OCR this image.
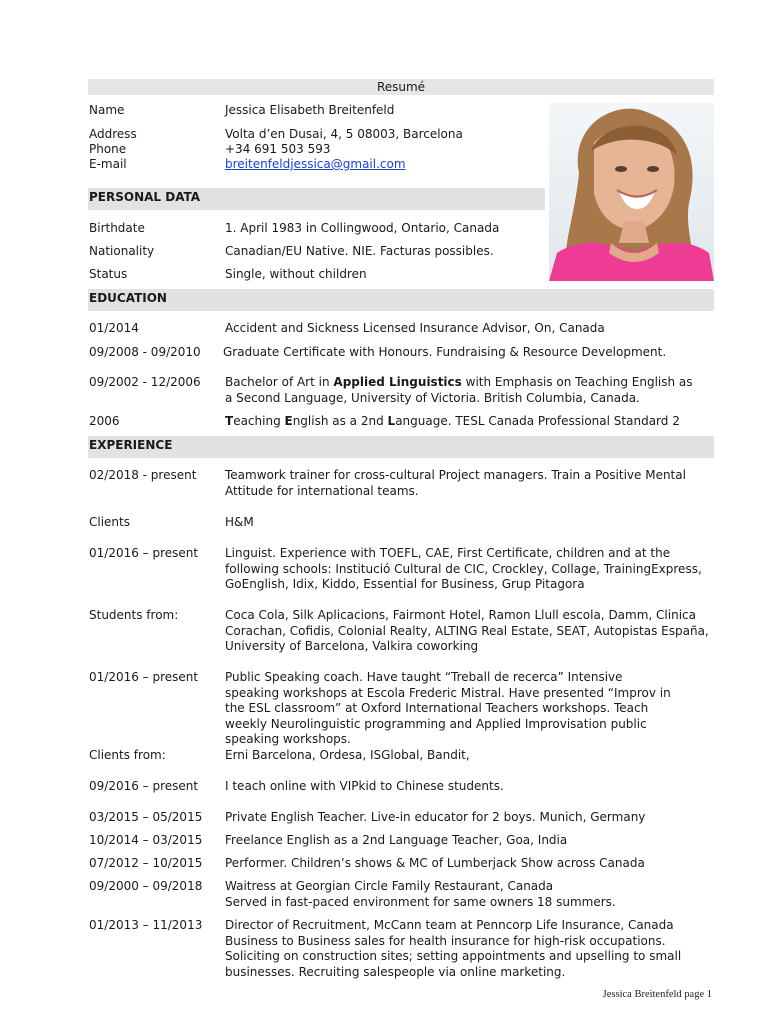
Resumé
Name	Jessica Elisabeth Breitenfeld
Address	Volta d’en Dusai, 4, 5 08003, Barcelona
Phone	+34 691 503 593
E-mail	breitenfeldjessica@gmail.com
PERSONAL DATA
Birthdate	1. April 1983 in Collingwood, Ontario, Canada
Nationality	Canadian/EU Native. NIE. Facturas possibles.
Status	Single, without children
EDUCATION
01/2014	Accident and Sickness Licensed Insurance Advisor, On, Canada
09/2008 - 09/2010 Graduate Certificate with Honours. Fundraising & Resource Development.
09/2002 - 12/2006 Bachelor of Art in Applied Linguistics with Emphasis on Teaching English as a Second Language, University of Victoria. British Columbia, Canada.
2006	Teaching English as a 2nd Language. TESL Canada Professional Standard 2
EXPERIENCE
02/2018 - present Teamwork trainer for cross-cultural Project managers. Train a Positive Mental Attitude for international teams.
Clients	H&M
01/2016 – present Linguist. Experience with TOEFL, CAE, First Certificate, children and at the following schools: Institució Cultural de CIC, Crockley, Collage, TrainingExpress, GoEnglish, Idix, Kiddo, Essential for Business, Grup Pitagora
Students from:	Coca Cola, Silk Aplicacions, Fairmont Hotel, Ramon Llull escola, Damm, Clinica Corachan, Cofidis, Colonial Realty, ALTING Real Estate, SEAT, Autopistas España, University of Barcelona, Valkira coworking
01/2016 – present Public Speaking coach. Have taught “Treball de recerca” Intensive speaking workshops at Escola Frederic Mistral. Have presented “Improv in the ESL classroom” at Oxford International Teachers workshops. Teach weekly Neurolinguistic programming and Applied Improvisation public speaking workshops.
Clients from:	Erni Barcelona, Ordesa, ISGlobal, Bandit,
09/2016 – present I teach online with VIPkid to Chinese students.
03/2015 – 05/2015 Private English Teacher. Live-in educator for 2 boys. Munich, Germany
10/2014 – 03/2015 Freelance English as a 2nd Language Teacher, Goa, India
07/2012 – 10/2015 Performer. Children’s shows & MC of Lumberjack Show across Canada
09/2000 – 09/2018 Waitress at Georgian Circle Family Restaurant, Canada
Served in fast-paced environment for same owners 18 summers.
01/2013 – 11/2013 Director of Recruitment, McCann team at Penncorp Life Insurance, Canada Business to Business sales for health insurance for high-risk occupations. Soliciting on construction sites; setting appointments and upselling to small businesses. Recruiting salespeople via online marketing.
Jessica Breitenfeld page 1
